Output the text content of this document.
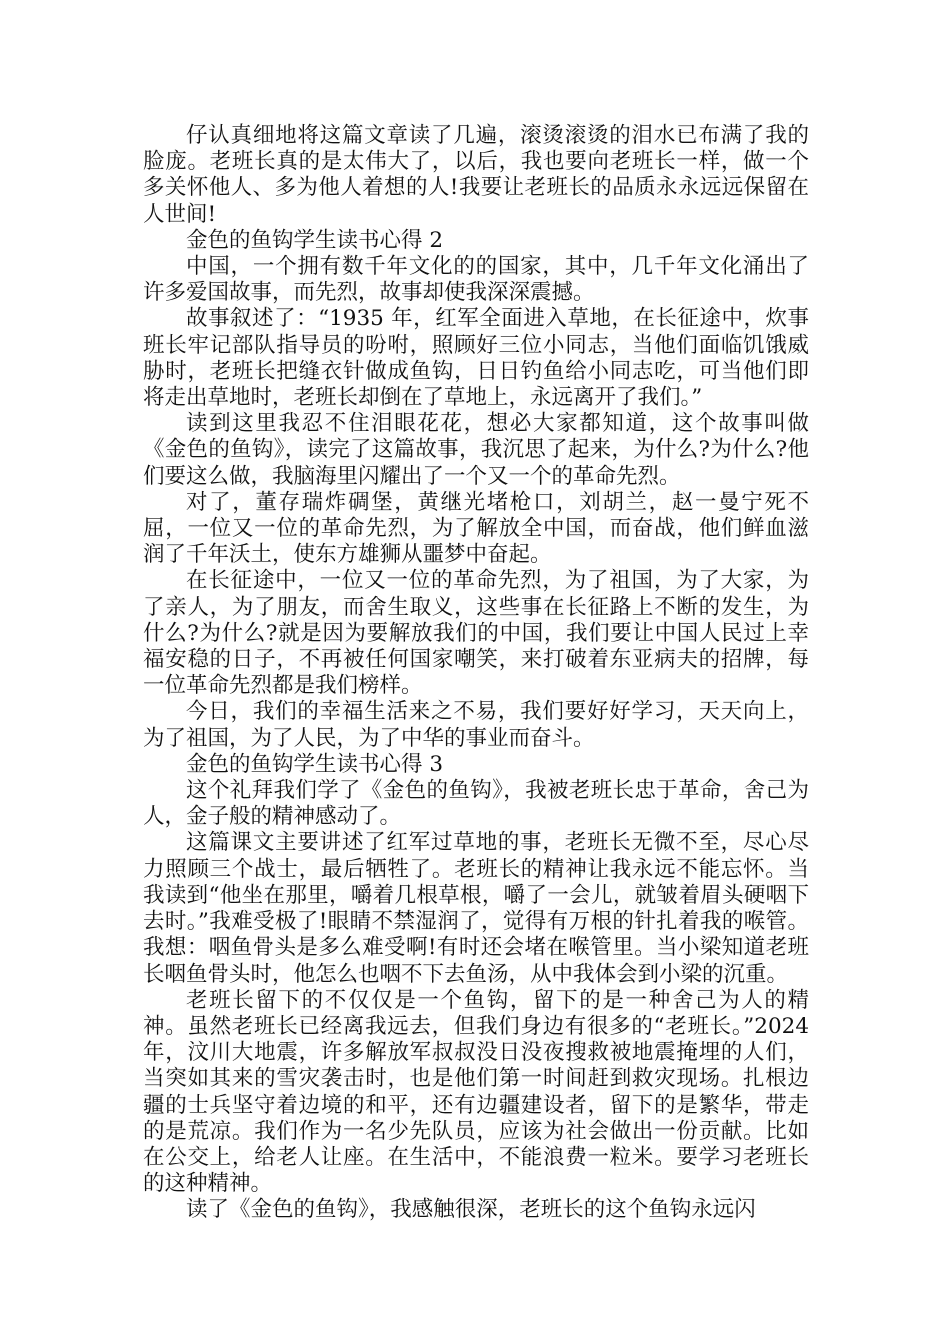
仔认真细地将这篇文章读了几遍，滚烫滚烫的泪水已布满了我的脸庞。老班长真的是太伟大了，以后，我也要向老班长一样，做一个多关怀他人、多为他人着想的人!我要让老班长的品质永永远远保留在人世间!

金色的鱼钩学生读书心得 2

中国，一个拥有数千年文化的的国家，其中，几千年文化涌出了许多爱国故事，而先烈，故事却使我深深震撼。

故事叙述了：“1935 年，红军全面进入草地，在长征途中，炊事班长牢记部队指导员的吩咐，照顾好三位小同志，当他们面临饥饿威胁时，老班长把缝衣针做成鱼钩，日日钓鱼给小同志吃，可当他们即将走出草地时，老班长却倒在了草地上，永远离开了我们。”

读到这里我忍不住泪眼花花，想必大家都知道，这个故事叫做《金色的鱼钩》，读完了这篇故事，我沉思了起来，为什么?为什么?他们要这么做，我脑海里闪耀出了一个又一个的革命先烈。

对了，董存瑞炸碉堡，黄继光堵枪口，刘胡兰，赵一曼宁死不屈，一位又一位的革命先烈，为了解放全中国，而奋战，他们鲜血滋润了千年沃土，使东方雄狮从噩梦中奋起。

在长征途中，一位又一位的革命先烈，为了祖国，为了大家，为了亲人，为了朋友，而舍生取义，这些事在长征路上不断的发生，为什么?为什么?就是因为要解放我们的中国，我们要让中国人民过上幸福安稳的日子，不再被任何国家嘲笑，来打破着东亚病夫的招牌，每一位革命先烈都是我们榜样。

今日，我们的幸福生活来之不易，我们要好好学习，天天向上，为了祖国，为了人民，为了中华的事业而奋斗。

金色的鱼钩学生读书心得 3

这个礼拜我们学了《金色的鱼钩》，我被老班长忠于革命，舍己为人，金子般的精神感动了。

这篇课文主要讲述了红军过草地的事，老班长无微不至，尽心尽力照顾三个战士，最后牺牲了。老班长的精神让我永远不能忘怀。当我读到“他坐在那里，嚼着几根草根，嚼了一会儿，就皱着眉头硬咽下去时。”我难受极了!眼睛不禁湿润了，觉得有万根的针扎着我的喉管。我想：咽鱼骨头是多么难受啊!有时还会堵在喉管里。当小梁知道老班长咽鱼骨头时，他怎么也咽不下去鱼汤，从中我体会到小梁的沉重。

老班长留下的不仅仅是一个鱼钩，留下的是一种舍己为人的精神。虽然老班长已经离我远去，但我们身边有很多的“老班长。”2024 年，汶川大地震，许多解放军叔叔没日没夜搜救被地震掩埋的人们，当突如其来的雪灾袭击时，也是他们第一时间赶到救灾现场。扎根边疆的士兵坚守着边境的和平，还有边疆建设者，留下的是繁华，带走的是荒凉。我们作为一名少先队员，应该为社会做出一份贡献。比如在公交上，给老人让座。在生活中，不能浪费一粒米。要学习老班长的这种精神。

读了《金色的鱼钩》，我感触很深，老班长的这个鱼钩永远闪
